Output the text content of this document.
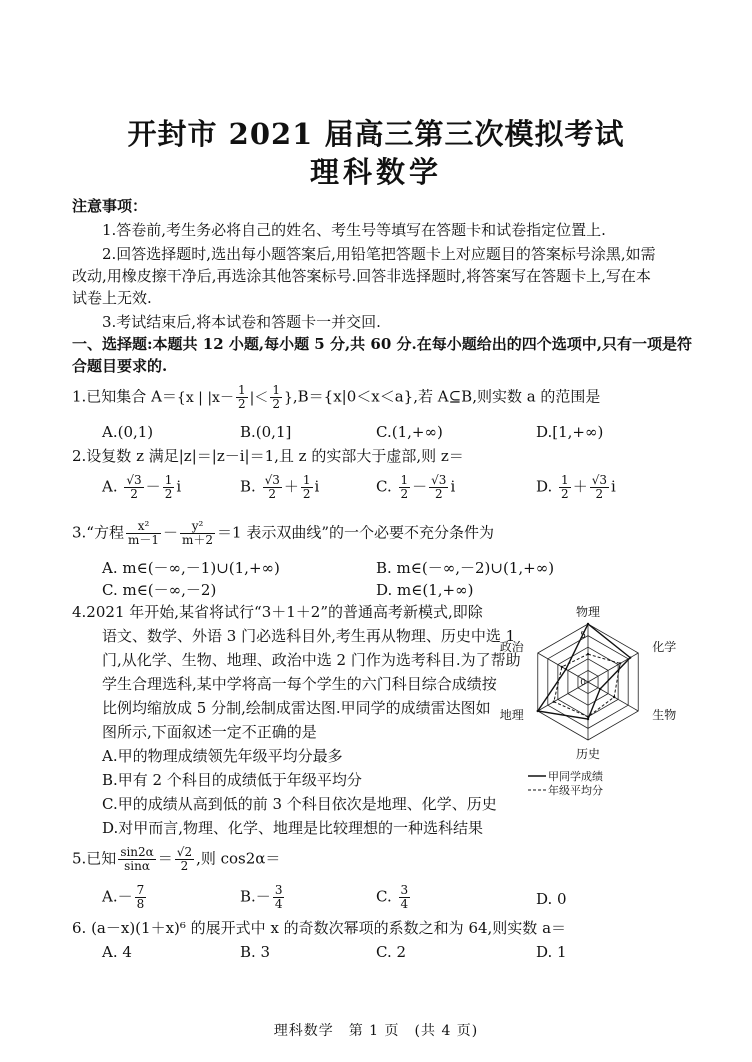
开封市 2021 届高三第三次模拟考试
理科数学
注意事项：
1.答卷前,考生务必将自己的姓名、考生号等填写在答题卡和试卷指定位置上.
2.回答选择题时,选出每小题答案后,用铅笔把答题卡上对应题目的答案标号涂黑,如需
改动,用橡皮擦干净后,再选涂其他答案标号.回答非选择题时,将答案写在答题卡上,写在本
试卷上无效.
3.考试结束后,将本试卷和答题卡一并交回.
一、选择题:本题共 12 小题,每小题 5 分,共 60 分.在每小题给出的四个选项中,只有一项是符
合题目要求的.
1.已知集合 A＝{x | $|x- \frac{1}{2}$ |＜ $\frac{1}{2} \},B=\{x|0<x<a\}$,若 A⊆B,则实数 a 的范围是
A.(0,1)	B.(0,1]	C.(1,+∞)	D.[1,+∞)
2.设复数 z 满足|z|＝|z－i|＝1,且 z 的实部大于虚部,则 z＝
A. $\frac{√3}{2} - \frac{1}{2}$ i	B. $\frac{√3}{2} + \frac{1}{2}$ i	C. $\frac{1}{2} - \frac{√3}{2}$ i	D. $\frac{1}{2} + \frac{√3}{2}$ i
3.“方程 $\frac{\text{x²}}{m-1} - \frac{\text{y²}}{m+2} =1$ 表示双曲线”的一个必要不充分条件为
A. m∈(－∞,－1)∪(1,+∞)	B. m∈(－∞,－2)∪(1,+∞)
C. m∈(－∞,－2)	D. m∈(1,+∞)
4.2021 年开始,某省将试行“3＋1＋2”的普通高考新模式,即除
语文、数学、外语 3 门必选科目外,考生再从物理、历史中选 1
门,从化学、生物、地理、政治中选 2 门作为选考科目.为了帮助
学生合理选科,某中学将高一每个学生的六门科目综合成绩按
比例均缩放成 5 分制,绘制成雷达图.甲同学的成绩雷达图如
图所示,下面叙述一定不正确的是
A.甲的物理成绩领先年级平均分最多
B.甲有 2 个科目的成绩低于年级平均分
C.甲的成绩从高到低的前 3 个科目依次是地理、化学、历史
D.对甲而言,物理、化学、地理是比较理想的一种选科结果
物理
化学
生物
历史
地理
政治
5
0
甲同学成绩
年级平均分
5.已知 $\frac{\sin 2\alpha}{\sin\alpha} = \frac{√2}{2}$ ,则 cos2α＝
$A.- \frac{7}{8}$	$B.- \frac{3}{4}$	C. $\frac{3}{4}$	D. 0
6. (a－x)(1＋x)⁶ 的展开式中 x 的奇数次幂项的系数之和为 64,则实数 a＝
A. 4	B. 3	C. 2	D. 1
理科数学　第 1 页　(共 4 页)
